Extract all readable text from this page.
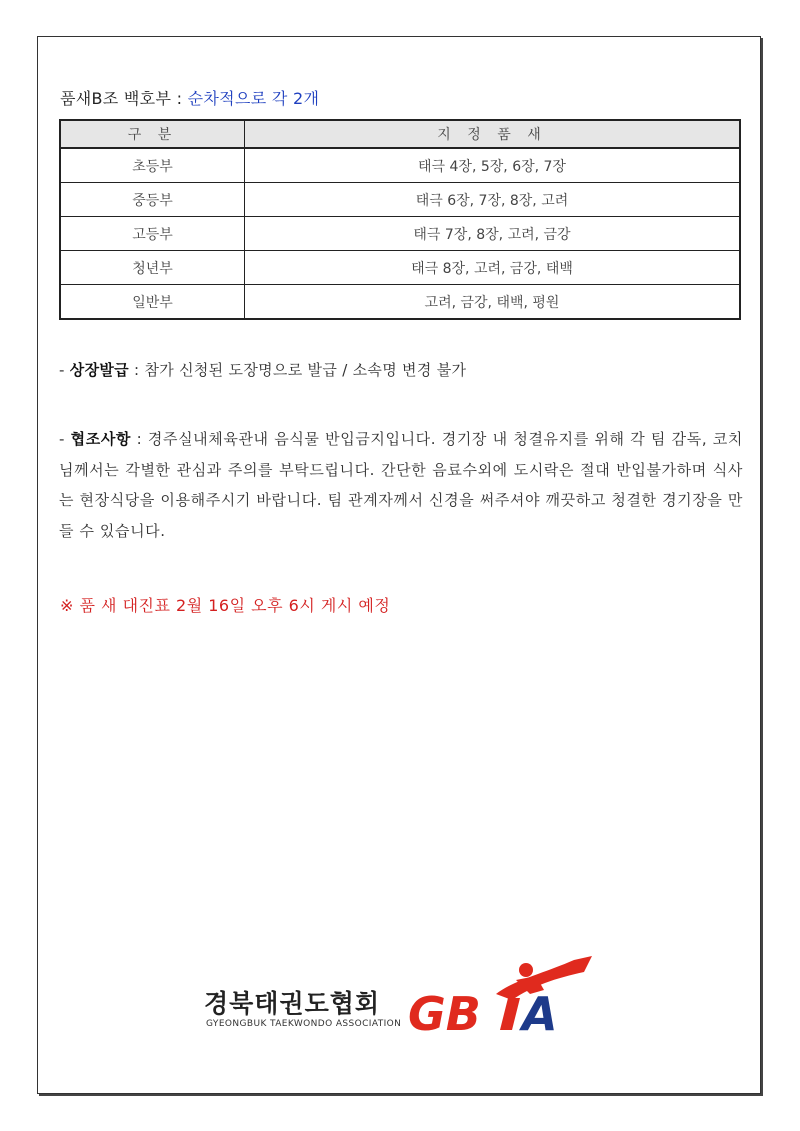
품새B조 백호부 : 순차적으로 각 2개
구 분	지 정 품 새
초등부	태극 4장, 5장, 6장, 7장
중등부	태극 6장, 7장, 8장, 고려
고등부	태극 7장, 8장, 고려, 금강
청년부	태극 8장, 고려, 금강, 태백
일반부	고려, 금강, 태백, 평원
- 상장발급 : 참가 신청된 도장명으로 발급 / 소속명 변경 불가
- 협조사항 : 경주실내체육관내 음식물 반입금지입니다. 경기장 내 청결유지를 위해 각 팀 감독, 코치님께서는 각별한 관심과 주의를 부탁드립니다. 간단한 음료수외에 도시락은 절대 반입불가하며 식사는 현장식당을 이용해주시기 바랍니다. 팀 관계자께서 신경을 써주셔야 깨끗하고 청결한 경기장을 만들 수 있습니다.
※ 품 새 대진표 2월 16일 오후 6시 게시 예정
경북태권도협회
GYEONGBUK TAEKWONDO ASSOCIATION GB A
